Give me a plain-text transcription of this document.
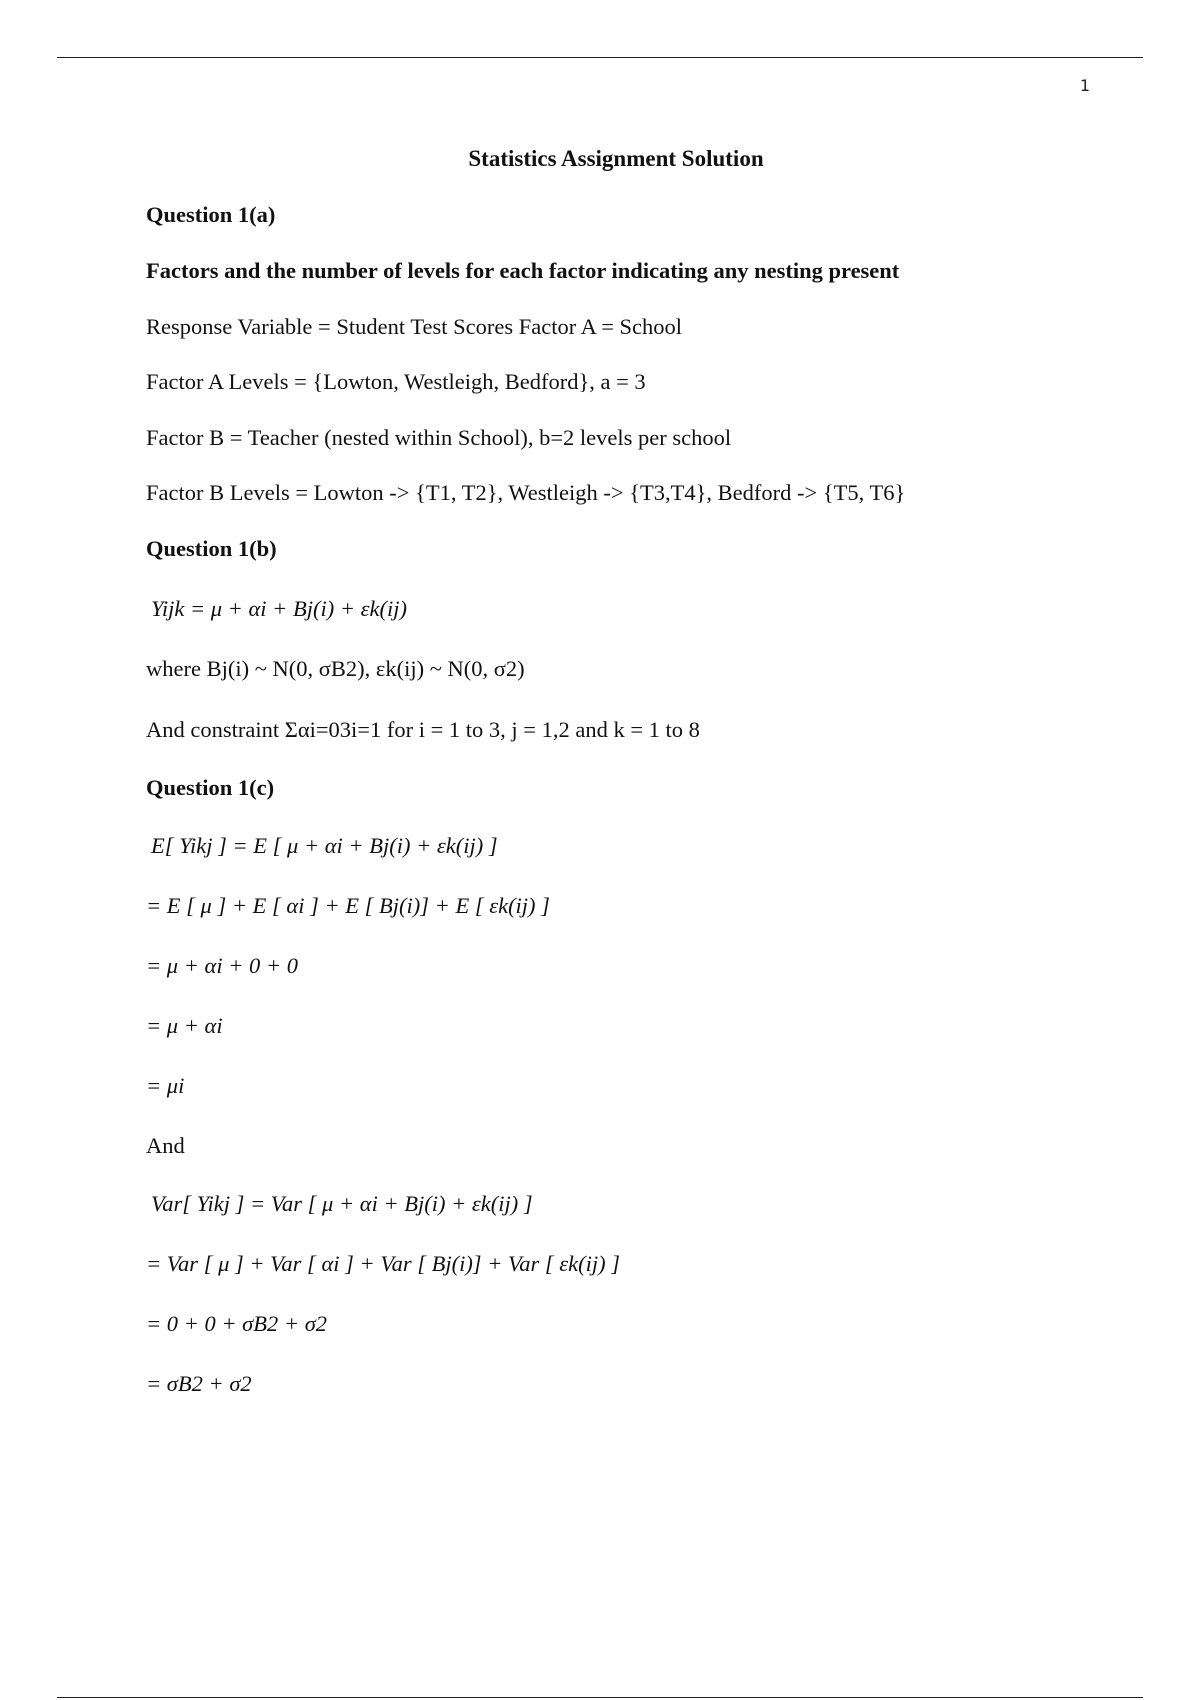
1
Statistics Assignment Solution
Question 1(a)
Factors and the number of levels for each factor indicating any nesting present
Response Variable = Student Test Scores Factor A = School
Factor A Levels = {Lowton, Westleigh, Bedford}, a = 3
Factor B = Teacher (nested within School), b=2 levels per school
Factor B Levels = Lowton -> {T1, T2}, Westleigh -> {T3,T4}, Bedford -> {T5, T6}
Question 1(b)
Yijk = μ + αi + Bj(i) + εk(ij)
where Bj(i) ~ N(0, σB2), εk(ij) ~ N(0, σ2)
And constraint Σαi=03i=1 for i = 1 to 3, j = 1,2 and k = 1 to 8
Question 1(c)
E[ Yikj ] = E [ μ + αi + Bj(i) + εk(ij) ]
= E [ μ ] + E [ αi ] + E [ Bj(i)] + E [ εk(ij) ]
= μ + αi + 0 + 0
= μ + αi
= μi
And
Var[ Yikj ] = Var [ μ + αi + Bj(i) + εk(ij) ]
= Var [ μ ] + Var [ αi ] + Var [ Bj(i)] + Var [ εk(ij) ]
= 0 + 0 + σB2 + σ2
= σB2 + σ2
